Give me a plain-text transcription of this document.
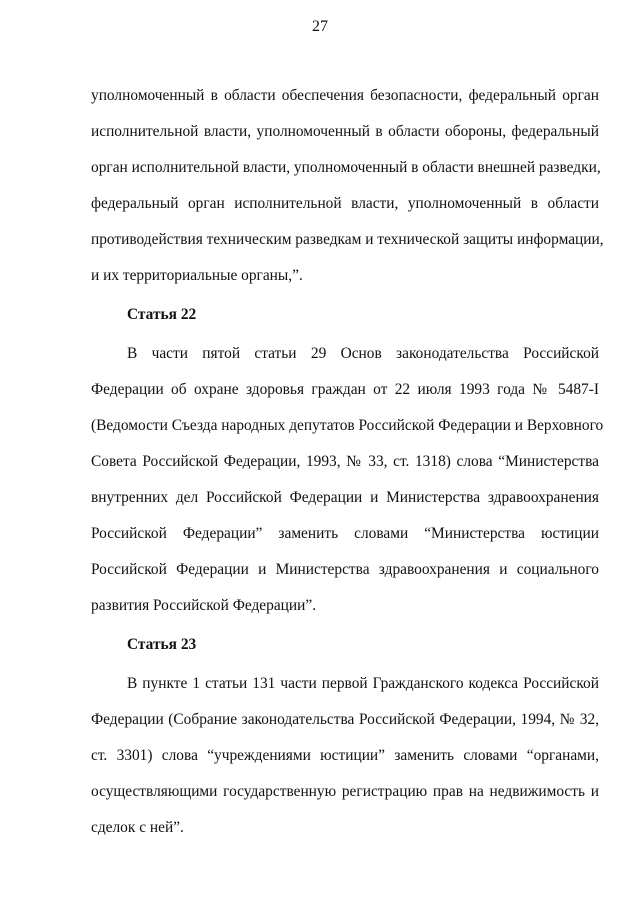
27
уполномоченный в области обеспечения безопасности, федеральный орган
исполнительной власти, уполномоченный в области обороны, федеральный
орган исполнительной власти, уполномоченный в области внешней разведки,
федеральный орган исполнительной власти, уполномоченный в области
противодействия техническим разведкам и технической защиты информации,
и их территориальные органы,”.
Статья 22
В части пятой статьи 29 Основ законодательства Российской
Федерации об охране здоровья граждан от 22 июля 1993 года № 5487-I
(Ведомости Съезда народных депутатов Российской Федерации и Верховного
Совета Российской Федерации, 1993, № 33, ст. 1318) слова “Министерства
внутренних дел Российской Федерации и Министерства здравоохранения
Российской Федерации” заменить словами “Министерства юстиции
Российской Федерации и Министерства здравоохранения и социального
развития Российской Федерации”.
Статья 23
В пункте 1 статьи 131 части первой Гражданского кодекса Российской
Федерации (Собрание законодательства Российской Федерации, 1994, № 32,
ст. 3301) слова “учреждениями юстиции” заменить словами “органами,
осуществляющими государственную регистрацию прав на недвижимость и
сделок с ней”.
